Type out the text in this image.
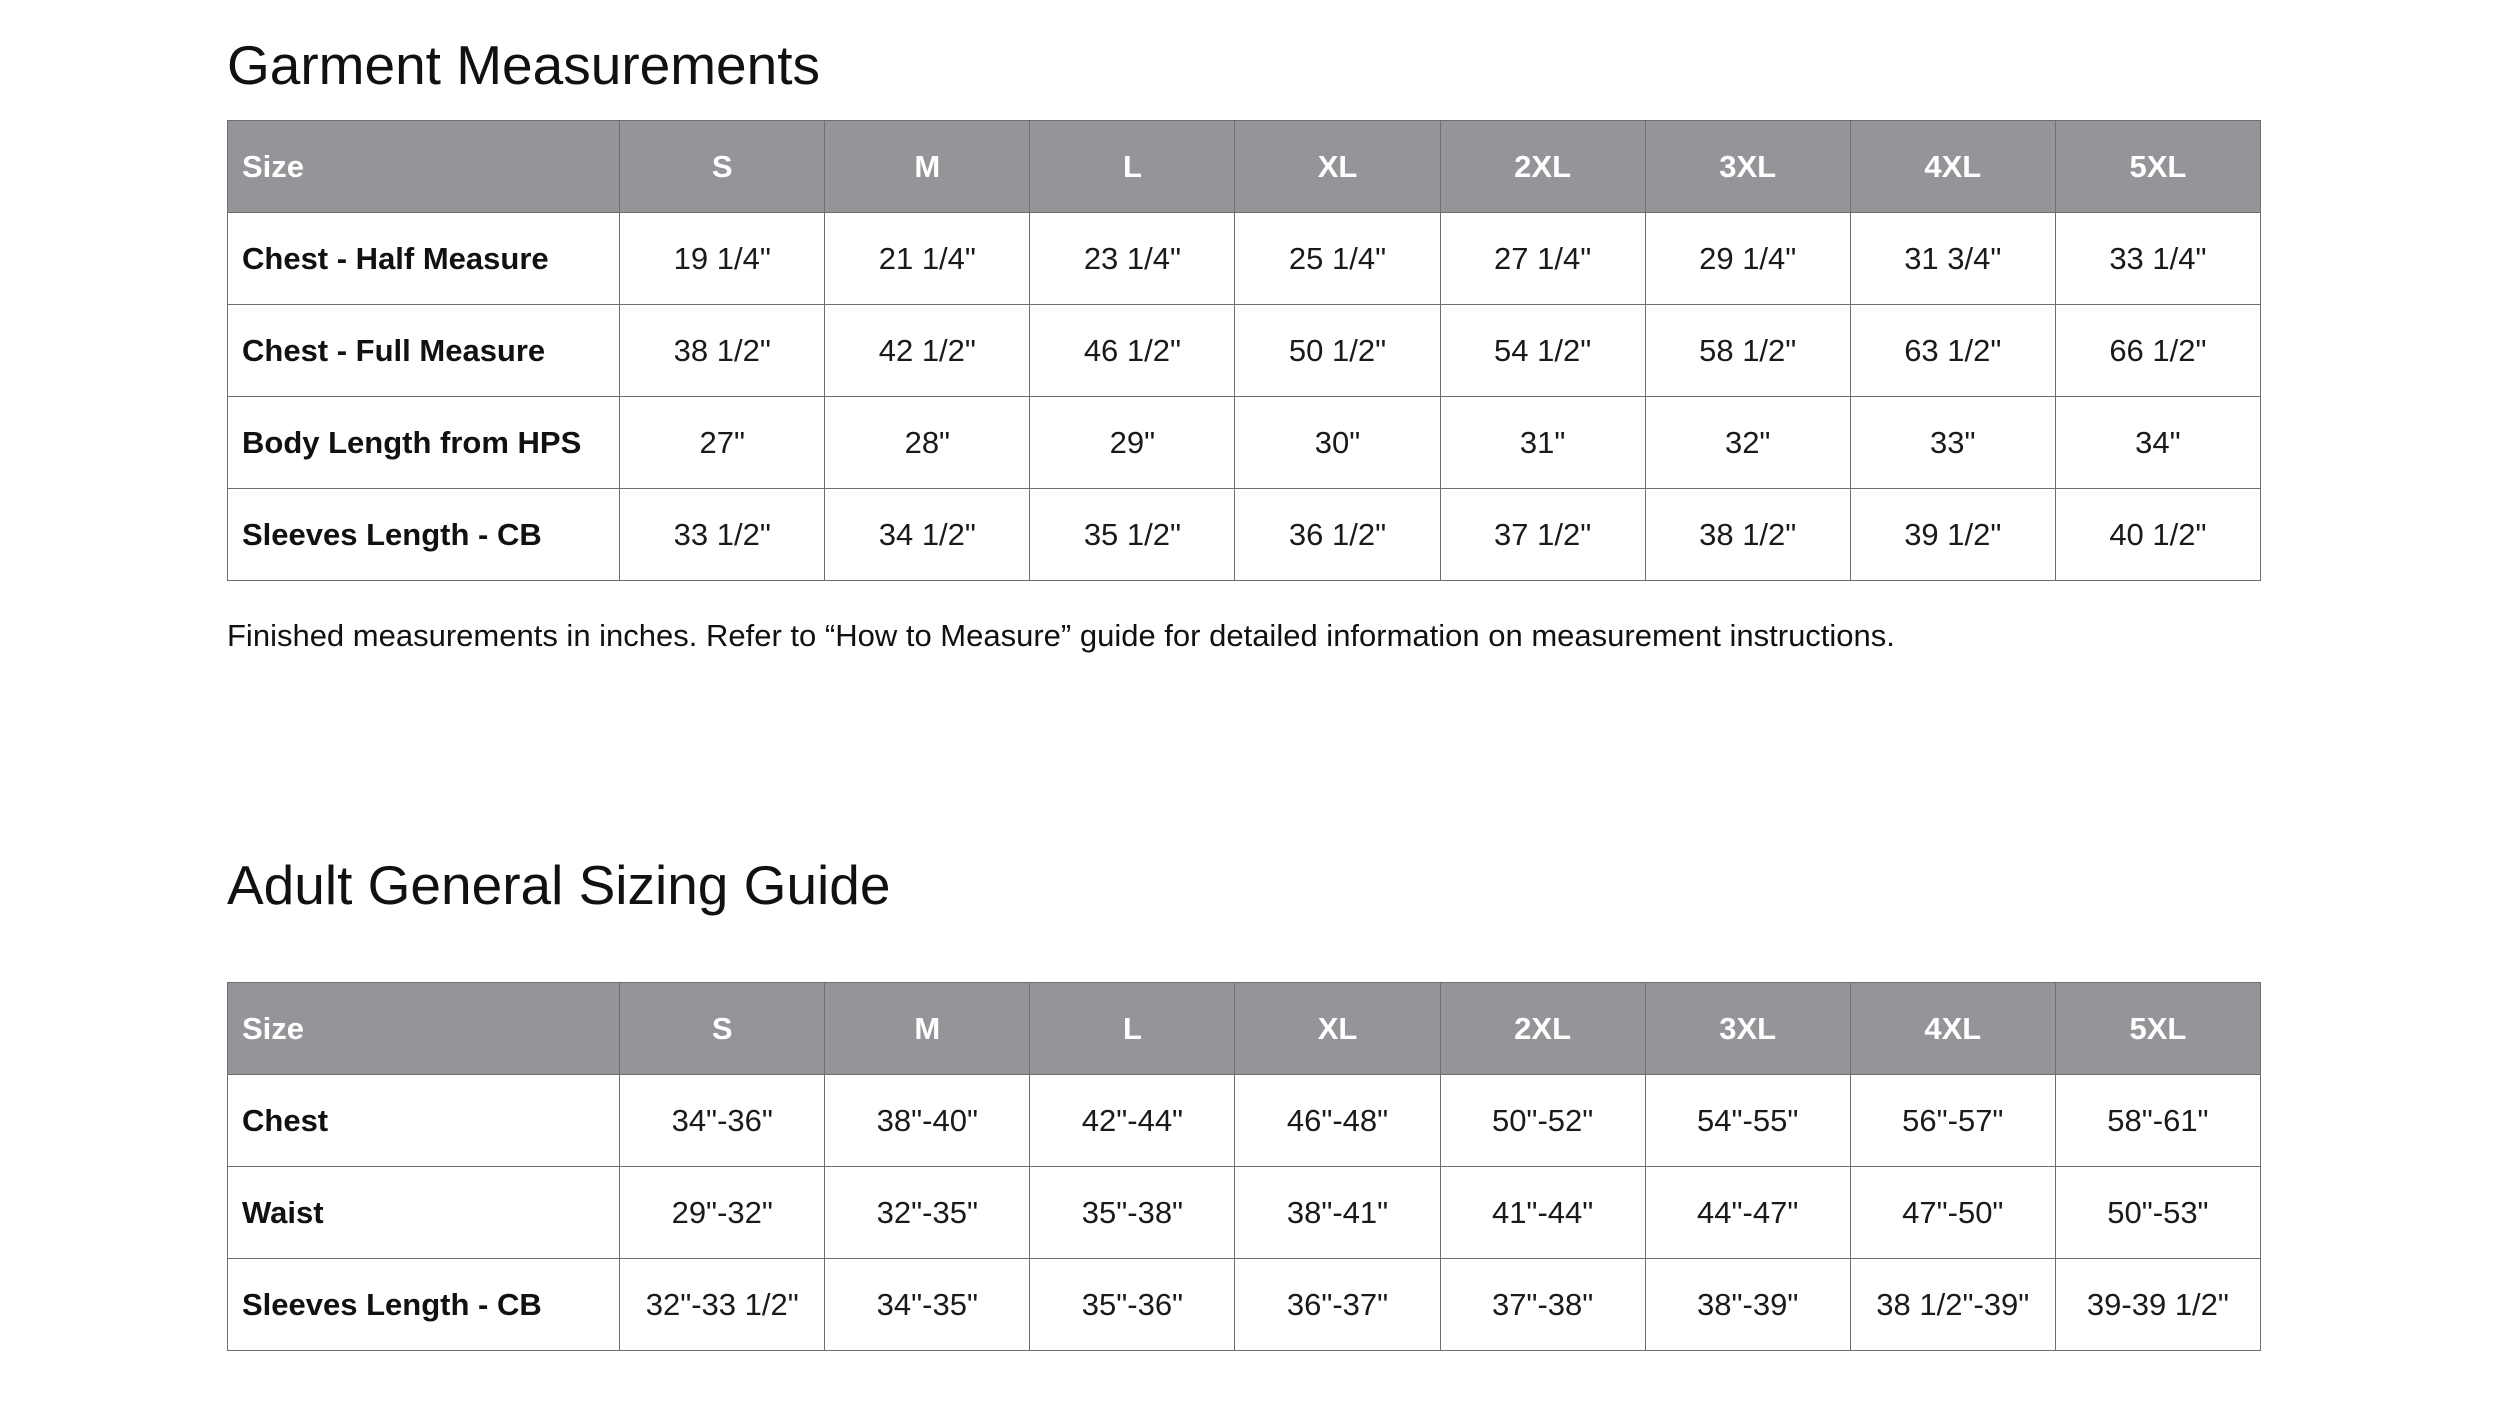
Garment Measurements
Size	S	M	L	XL	2XL	3XL	4XL	5XL
Chest - Half Measure	19 1/4"	21 1/4"	23 1/4"	25 1/4"	27 1/4"	29 1/4"	31 3/4"	33 1/4"
Chest - Full Measure	38 1/2"	42 1/2"	46 1/2"	50 1/2"	54 1/2"	58 1/2"	63 1/2"	66 1/2"
Body Length from HPS	27"	28"	29"	30"	31"	32"	33"	34"
Sleeves Length - CB	33 1/2"	34 1/2"	35 1/2"	36 1/2"	37 1/2"	38 1/2"	39 1/2"	40 1/2"

Finished measurements in inches. Refer to “How to Measure” guide for detailed information on measurement instructions.

Adult General Sizing Guide
Size	S	M	L	XL	2XL	3XL	4XL	5XL
Chest	34"-36"	38"-40"	42"-44"	46"-48"	50"-52"	54"-55"	56"-57"	58"-61"
Waist	29"-32"	32"-35"	35"-38"	38"-41"	41"-44"	44"-47"	47"-50"	50"-53"
Sleeves Length - CB	32"-33 1/2"	34"-35"	35"-36"	36"-37"	37"-38"	38"-39"	38 1/2"-39"	39-39 1/2"
